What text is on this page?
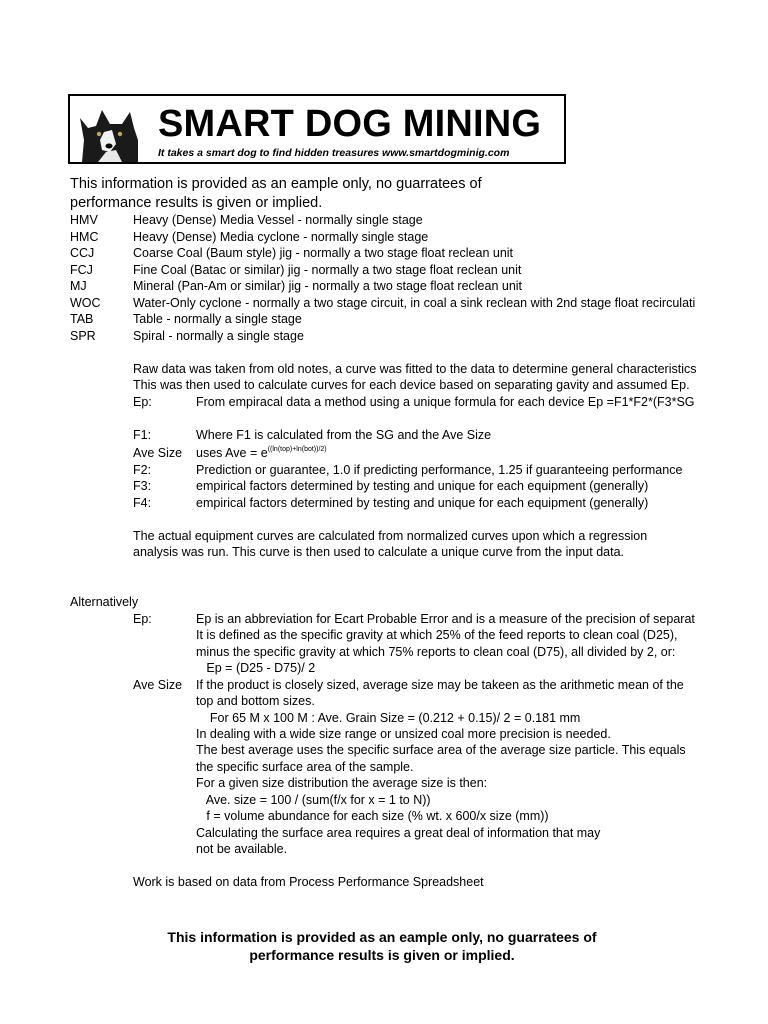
SMART DOG MINING
It takes a smart dog to find hidden treasures www.smartdogminig.com
This information is provided as an eample only, no guarratees of
performance results is given or implied.
HMV	Heavy (Dense) Media Vessel - normally single stage
HMC	Heavy (Dense) Media cyclone - normally single stage
CCJ	Coarse Coal (Baum style) jig - normally a two stage float reclean unit
FCJ	Fine Coal (Batac or similar) jig - normally a two stage float reclean unit
MJ	Mineral (Pan-Am or similar) jig - normally a two stage float reclean unit
WOC	Water-Only cyclone - normally a two stage circuit, in coal a sink reclean with 2nd stage float recirculati
TAB	Table - normally a single stage
SPR	Spiral - normally a single stage
Raw data was taken from old notes, a curve was fitted to the data to determine general characteristics
This was then used to calculate curves for each device based on separating gavity and assumed Ep.
Ep:	From empiracal data a method using a unique formula for each device Ep =F1*F2*(F3*SG
F1:	Where F1 is calculated from the SG and the Ave Size
Ave Size uses Ave = $e^{((ln(top)+ln(bot))/2)}$
F2:	Prediction or guarantee, 1.0 if predicting performance, 1.25 if guaranteeing performance
F3:	empirical factors determined by testing and unique for each equipment (generally)
F4:	empirical factors determined by testing and unique for each equipment (generally)
The actual equipment curves are calculated from normalized curves upon which a regression
analysis was run. This curve is then used to calculate a unique curve from the input data.
Alternatively
Ep:	Ep is an abbreviation for Ecart Probable Error and is a measure of the precision of separat
It is defined as the specific gravity at which 25% of the feed reports to clean coal (D25),
minus the specific gravity at which 75% reports to clean coal (D75), all divided by 2, or:
Ep = (D25 - D75)/ 2
Ave Size If the product is closely sized, average size may be takeen as the arithmetic mean of the
top and bottom sizes.
For 65 M x 100 M : Ave. Grain Size = (0.212 + 0.15)/ 2 = 0.181 mm
In dealing with a wide size range or unsized coal more precision is needed.
The best average uses the specific surface area of the average size particle. This equals
the specific surface area of the sample.
For a given size distribution the average size is then:
Ave. size = 100 / (sum(f/x for x = 1 to N))
f = volume abundance for each size (% wt. x 600/x size (mm))
Calculating the surface area requires a great deal of information that may
not be available.
Work is based on data from Process Performance Spreadsheet
This information is provided as an eample only, no guarratees of
performance results is given or implied.
